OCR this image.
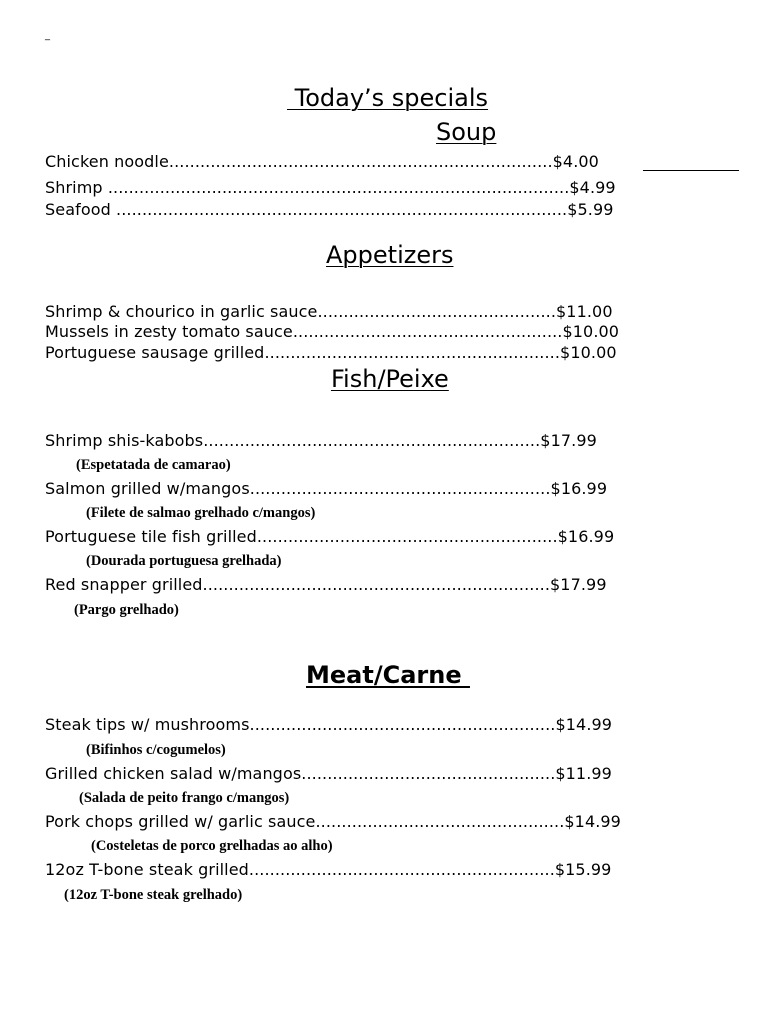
_
Today’s specials
Soup
Chicken noodle..........................................................................$4.00
Shrimp .........................................................................................$4.99
Seafood .......................................................................................$5.99
Appetizers
Shrimp & chourico in garlic sauce..............................................$11.00
Mussels in zesty tomato sauce....................................................$10.00
Portuguese sausage grilled.........................................................$10.00
Fish/Peixe
Shrimp shis-kabobs.................................................................$17.99
(Espetatada de camarao)
Salmon grilled w/mangos..........................................................$16.99
(Filete de salmao grelhado c/mangos)
Portuguese tile fish grilled..........................................................$16.99
(Dourada portuguesa grelhada)
Red snapper grilled...................................................................$17.99
(Pargo grelhado)
Meat/Carne
Steak tips w/ mushrooms...........................................................$14.99
(Bifinhos c/cogumelos)
Grilled chicken salad w/mangos.................................................$11.99
(Salada de peito frango c/mangos)
Pork chops grilled w/ garlic sauce................................................$14.99
(Costeletas de porco grelhadas ao alho)
12oz T-bone steak grilled...........................................................$15.99
(12oz T-bone steak grelhado)
